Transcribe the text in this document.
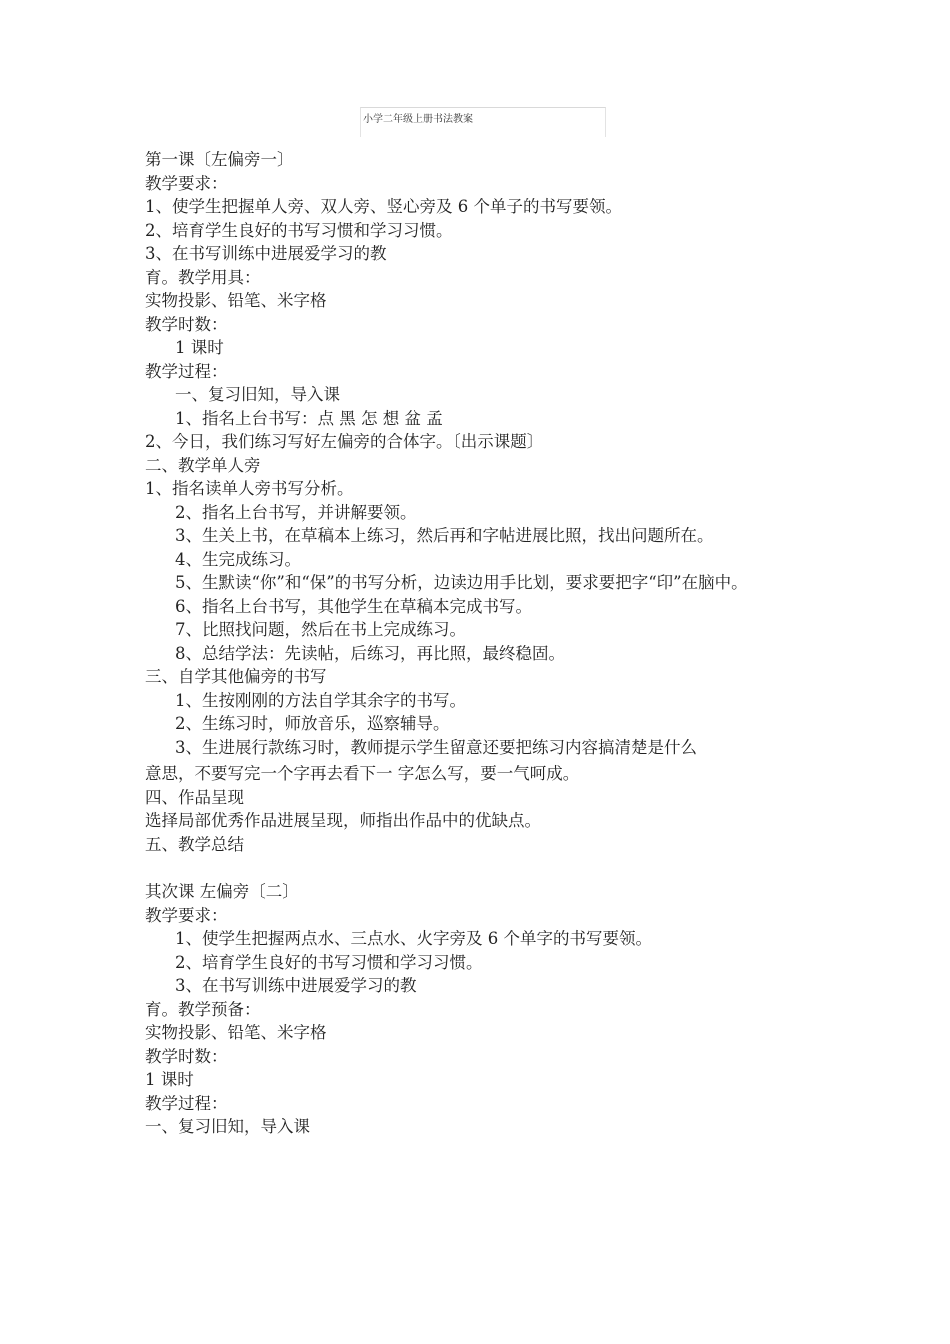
小学二年级上册书法教案
第一课〔左偏旁一〕
教学要求：
1、使学生把握单人旁、双人旁、竖心旁及 6 个单子的书写要领。
2、培育学生良好的书写习惯和学习习惯。
3、在书写训练中进展爱学习的教
育。教学用具：
实物投影、铅笔、米字格
教学时数：
1 课时
教学过程：
一、复习旧知，导入课
1、指名上台书写：点 黑 怎 想 盆 孟
2、今日，我们练习写好左偏旁的合体字。〔出示课题〕
二、教学单人旁
1、指名读单人旁书写分析。
2、指名上台书写，并讲解要领。
3、生关上书，在草稿本上练习，然后再和字帖进展比照，找出问题所在。
4、生完成练习。
5、生默读“你”和“保”的书写分析，边读边用手比划，要求要把字“印”在脑中。
6、指名上台书写，其他学生在草稿本完成书写。
7、比照找问题，然后在书上完成练习。
8、总结学法：先读帖，后练习，再比照，最终稳固。
三、自学其他偏旁的书写
1、生按刚刚的方法自学其余字的书写。
2、生练习时，师放音乐，巡察辅导。
3、生进展行款练习时，教师提示学生留意还要把练习内容搞清楚是什么
意思，不要写完一个字再去看下一 字怎么写，要一气呵成。
四、作品呈现
选择局部优秀作品进展呈现，师指出作品中的优缺点。
五、教学总结
其次课 左偏旁〔二〕
教学要求：
1、使学生把握两点水、三点水、火字旁及 6 个单字的书写要领。
2、培育学生良好的书写习惯和学习习惯。
3、在书写训练中进展爱学习的教
育。教学预备：
实物投影、铅笔、米字格
教学时数：
1 课时
教学过程：
一、复习旧知，导入课
